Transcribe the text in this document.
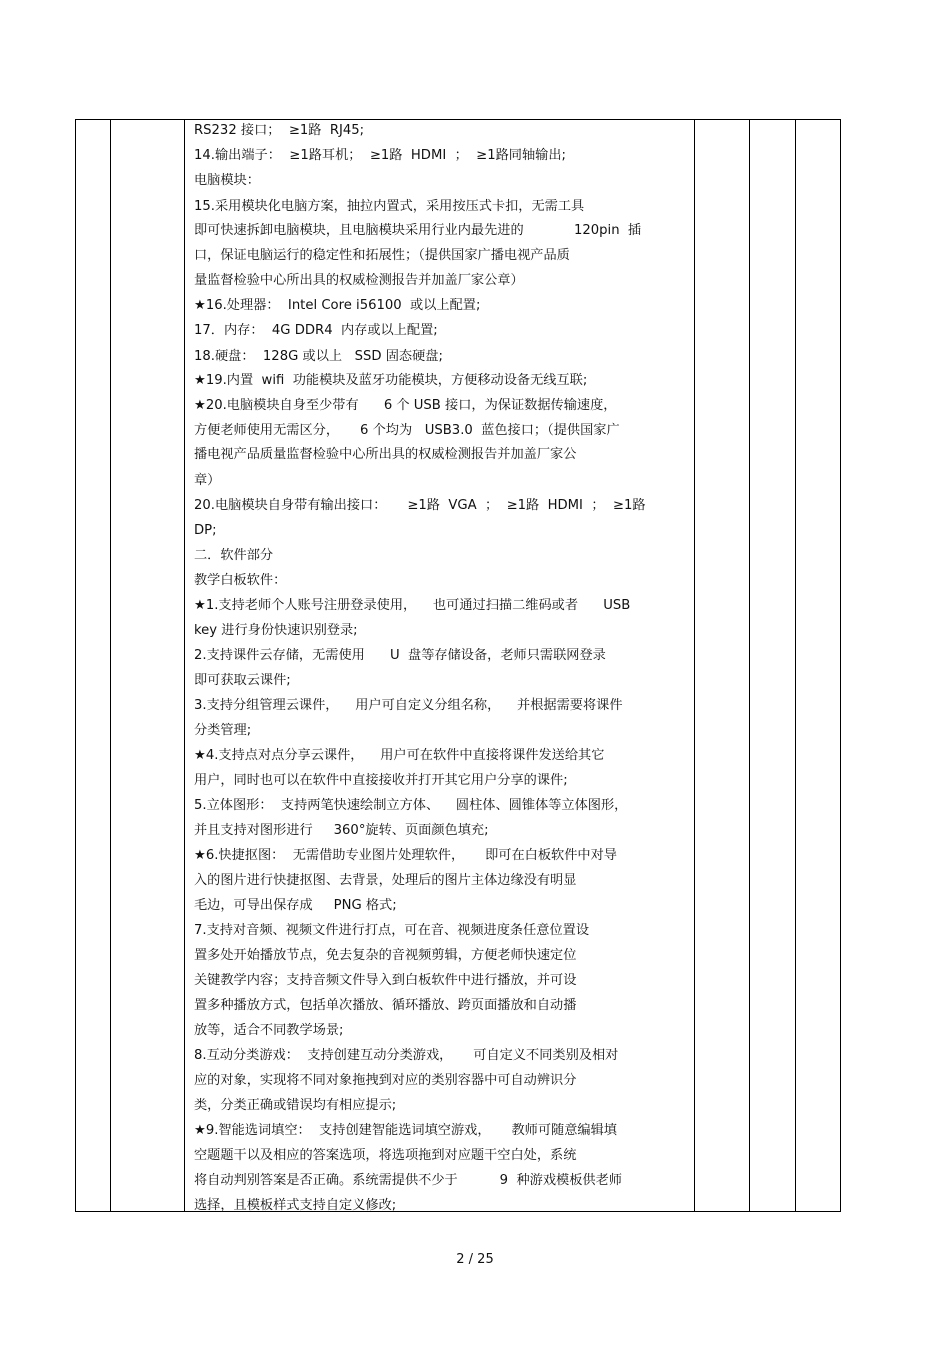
RS232 接口；  ≥1路  RJ45;
14.输出端子：  ≥1路耳机；  ≥1路  HDMI  ；  ≥1路同轴输出;
电脑模块：
15.采用模块化电脑方案，抽拉内置式，采用按压式卡扣，无需工具
即可快速拆卸电脑模块，且电脑模块采用行业内最先进的            120pin  插
口，保证电脑运行的稳定性和拓展性；（提供国家广播电视产品质
量监督检验中心所出具的权威检测报告并加盖厂家公章）
★16.处理器：  Intel Core i56100  或以上配置;
17．内存：  4G DDR4  内存或以上配置;
18.硬盘：  128G 或以上   SSD 固态硬盘;
★19.内置  wifi  功能模块及蓝牙功能模块，方便移动设备无线互联;
★20.电脑模块自身至少带有      6 个 USB 接口，为保证数据传输速度，
方便老师使用无需区分，     6 个均为   USB3.0  蓝色接口；（提供国家广
播电视产品质量监督检验中心所出具的权威检测报告并加盖厂家公
章）
20.电脑模块自身带有输出接口：     ≥1路  VGA  ；  ≥1路  HDMI  ；  ≥1路
DP;
二．软件部分
教学白板软件：
★1.支持老师个人账号注册登录使用，    也可通过扫描二维码或者      USB
key 进行身份快速识别登录;
2.支持课件云存储，无需使用      U  盘等存储设备，老师只需联网登录
即可获取云课件;
3.支持分组管理云课件，    用户可自定义分组名称，    并根据需要将课件
分类管理;
★4.支持点对点分享云课件，    用户可在软件中直接将课件发送给其它
用户，同时也可以在软件中直接接收并打开其它用户分享的课件;
5.立体图形：  支持两笔快速绘制立方体、    圆柱体、圆锥体等立体图形，
并且支持对图形进行     360°旋转、页面颜色填充;
★6.快捷抠图：  无需借助专业图片处理软件，     即可在白板软件中对导
入的图片进行快捷抠图、去背景，处理后的图片主体边缘没有明显
毛边，可导出保存成     PNG 格式;
7.支持对音频、视频文件进行打点，可在音、视频进度条任意位置设
置多处开始播放节点，免去复杂的音视频剪辑，方便老师快速定位
关键教学内容；支持音频文件导入到白板软件中进行播放，并可设
置多种播放方式，包括单次播放、循环播放、跨页面播放和自动播
放等，适合不同教学场景;
8.互动分类游戏：  支持创建互动分类游戏，     可自定义不同类别及相对
应的对象，实现将不同对象拖拽到对应的类别容器中可自动辨识分
类，分类正确或错误均有相应提示;
★9.智能选词填空：  支持创建智能选词填空游戏，     教师可随意编辑填
空题题干以及相应的答案选项，将选项拖到对应题干空白处，系统
将自动判别答案是否正确。系统需提供不少于          9  种游戏模板供老师
选择，且模板样式支持自定义修改;
2 / 25
